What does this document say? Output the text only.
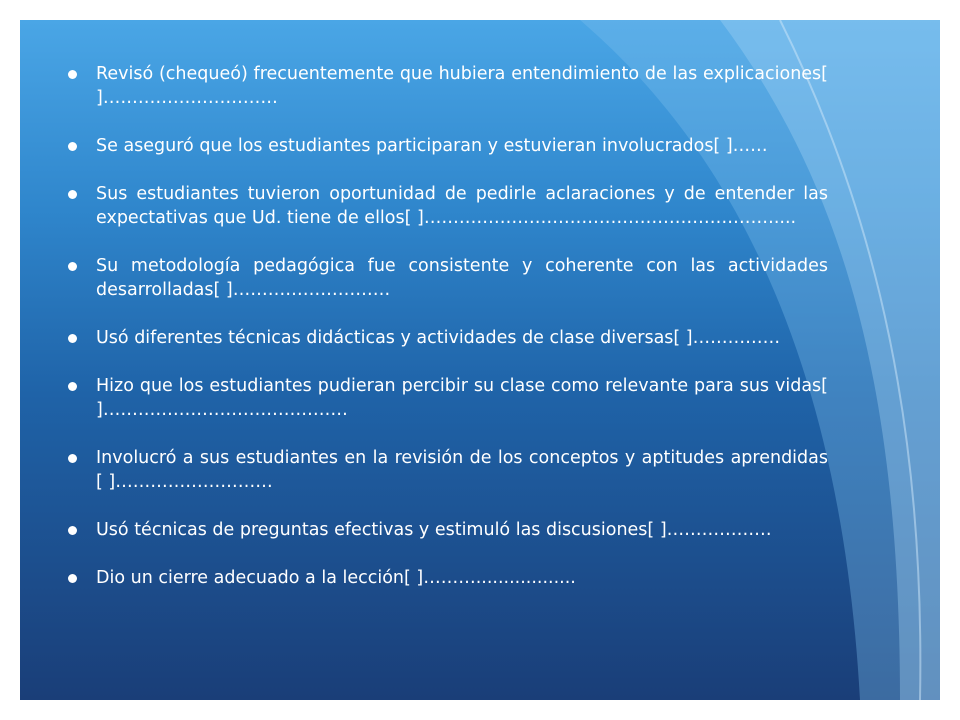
Revisó (chequeó) frecuentemente que hubiera entendimiento de las explicaciones[ ]…………………………
Se aseguró que los estudiantes participaran y estuvieran involucrados[ ]……
Sus estudiantes tuvieron oportunidad de pedirle aclaraciones y de entender las expectativas que Ud. tiene de ellos[ ]……………………………………………………....
Su metodología pedagógica fue consistente y coherente con las actividades desarrolladas[ ]………………………
Usó diferentes técnicas didácticas y actividades de clase diversas[ ]……………
Hizo que los estudiantes pudieran percibir su clase como relevante para sus vidas[ ]……………………………………
Involucró a sus estudiantes en la revisión de los conceptos y aptitudes aprendidas [ ]………………………
Usó técnicas de preguntas efectivas y estimuló las discusiones[ ]………………
Dio un cierre adecuado a la lección[ ]………..................
